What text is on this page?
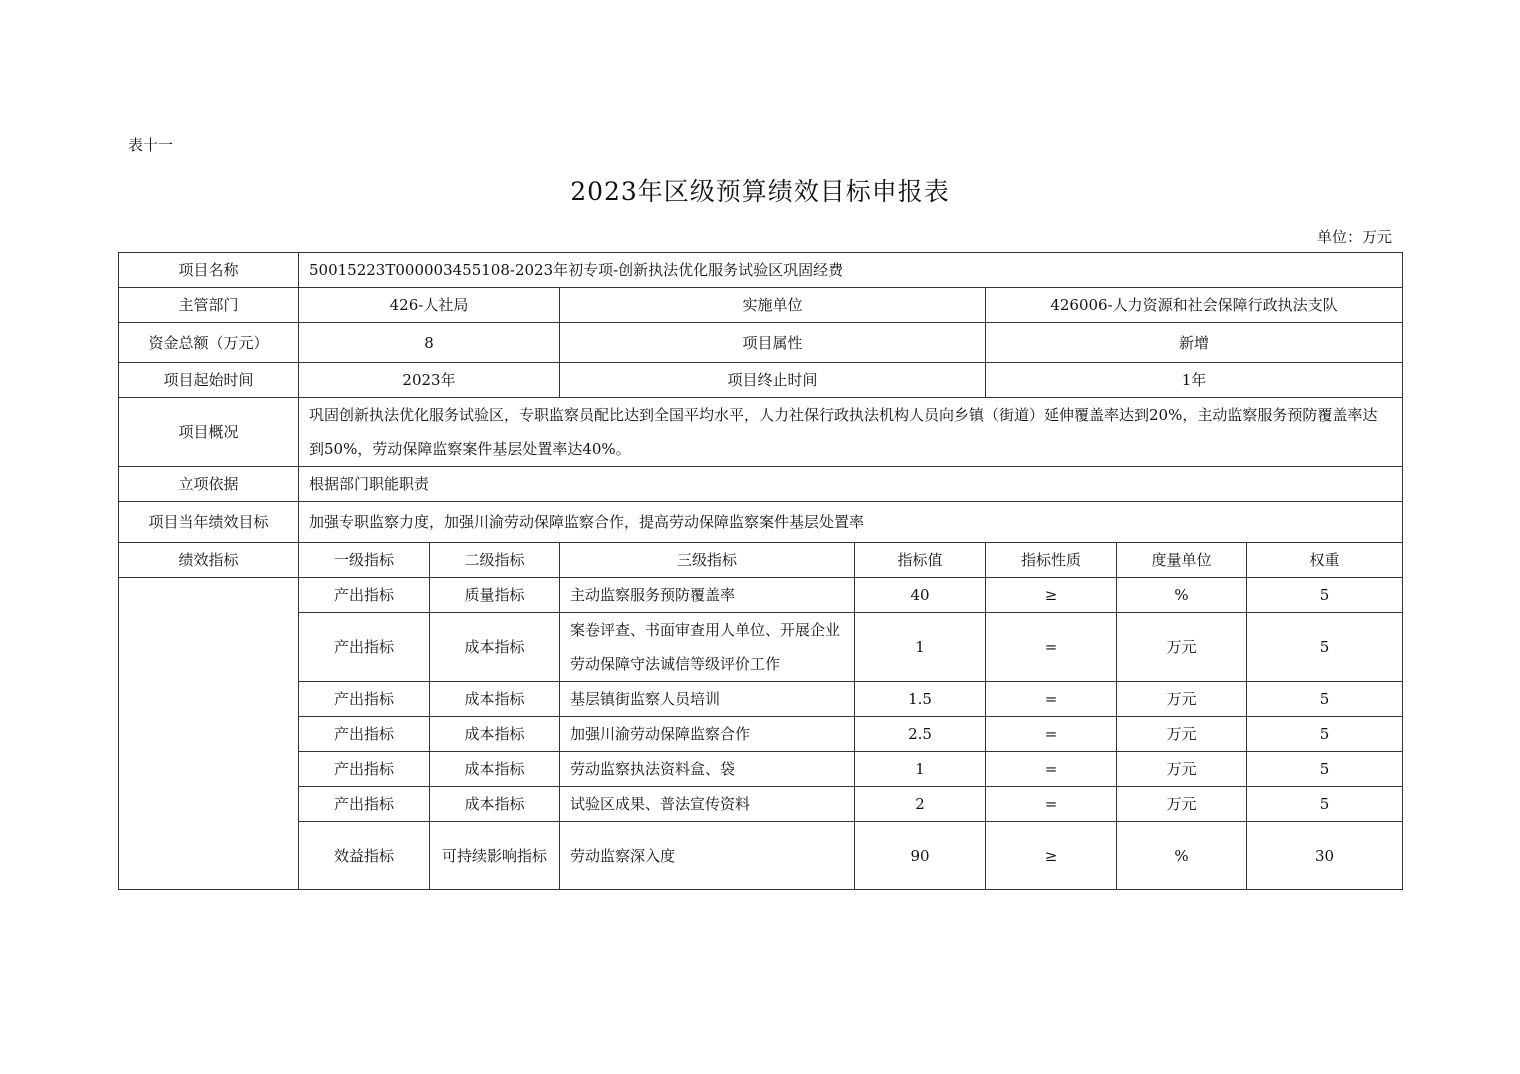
表十一
2023年区级预算绩效目标申报表
单位：万元
项目名称	50015223T000003455108-2023年初专项-创新执法优化服务试验区巩固经费						
主管部门	426-人社局		实施单位		426006-人力资源和社会保障行政执法支队		
资金总额（万元）	8		项目属性		新增		
项目起始时间	2023年		项目终止时间		1年		
项目概况	巩固创新执法优化服务试验区，专职监察员配比达到全国平均水平，人力社保行政执法机构人员向乡镇（街道）延伸覆盖率达到20%，主动监察服务预防覆盖率达到50%，劳动保障监察案件基层处置率达40%。						
立项依据	根据部门职能职责						
项目当年绩效目标	加强专职监察力度，加强川渝劳动保障监察合作，提高劳动保障监察案件基层处置率						
绩效指标	一级指标	二级指标	三级指标	指标值	指标性质	度量单位	权重
	产出指标	质量指标	主动监察服务预防覆盖率	40	≥	%	5
	产出指标	成本指标	案卷评查、书面审查用人单位、开展企业劳动保障守法诚信等级评价工作	1	=	万元	5
	产出指标	成本指标	基层镇街监察人员培训	1.5	=	万元	5
	产出指标	成本指标	加强川渝劳动保障监察合作	2.5	=	万元	5
	产出指标	成本指标	劳动监察执法资料盒、袋	1	=	万元	5
	产出指标	成本指标	试验区成果、普法宣传资料	2	=	万元	5
	效益指标	可持续影响指标	劳动监察深入度	90	≥	%	30
